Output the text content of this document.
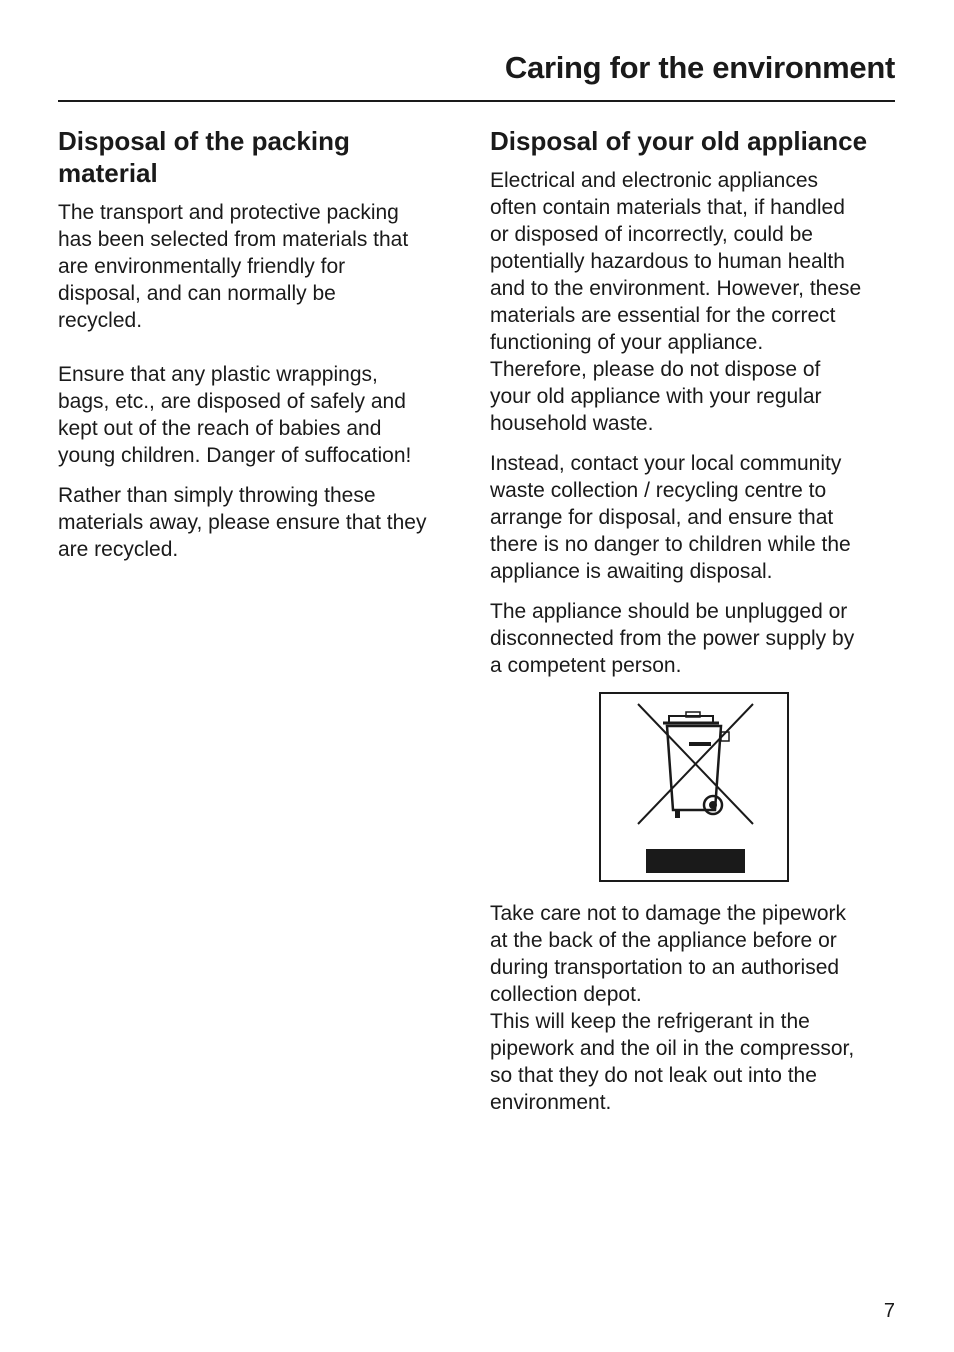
Caring for the environment
Disposal of the packing
material

The transport and protective packing
has been selected from materials that
are environmentally friendly for
disposal, and can normally be
recycled.

Ensure that any plastic wrappings,
bags, etc., are disposed of safely and
kept out of the reach of babies and
young children. Danger of suffocation!

Rather than simply throwing these
materials away, please ensure that they
are recycled.

Disposal of your old appliance

Electrical and electronic appliances
often contain materials that, if handled
or disposed of incorrectly, could be
potentially hazardous to human health
and to the environment. However, these
materials are essential for the correct
functioning of your appliance.
Therefore, please do not dispose of
your old appliance with your regular
household waste.

Instead, contact your local community
waste collection / recycling centre to
arrange for disposal, and ensure that
there is no danger to children while the
appliance is awaiting disposal.

The appliance should be unplugged or
disconnected from the power supply by
a competent person.

Take care not to damage the pipework
at the back of the appliance before or
during transportation to an authorised
collection depot.
This will keep the refrigerant in the
pipework and the oil in the compressor,
so that they do not leak out into the
environment.

7
